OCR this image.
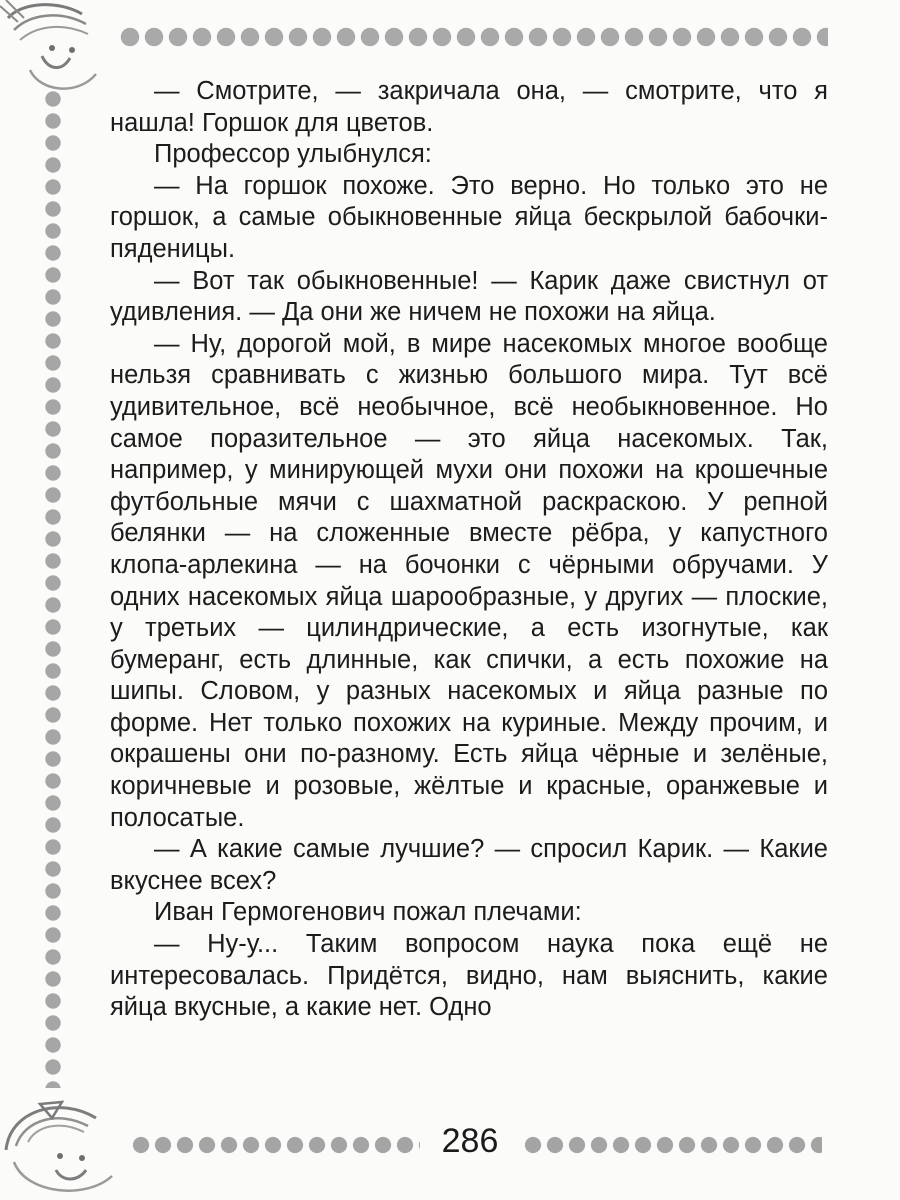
— Смотрите, — закричала она, — смотрите, что я нашла! Горшок для цветов.

Профессор улыбнулся:

— На горшок похоже. Это верно. Но только это не горшок, а самые обыкновенные яйца бескрылой бабочки-пяденицы.

— Вот так обыкновенные! — Карик даже свистнул от удивления. — Да они же ничем не похожи на яйца.

— Ну, дорогой мой, в мире насекомых многое вообще нельзя сравнивать с жизнью большого мира. Тут всё удивительное, всё необычное, всё необыкновенное. Но самое поразительное — это яйца насекомых. Так, например, у минирующей мухи они похожи на крошечные футбольные мячи с шахматной раскраскою. У репной белянки — на сложенные вместе рёбра, у капустного клопа-арлекина — на бочонки с чёрными обручами. У одних насекомых яйца шарообразные, у других — плоские, у третьих — цилиндрические, а есть изогнутые, как бумеранг, есть длинные, как спички, а есть похожие на шипы. Словом, у разных насекомых и яйца разные по форме. Нет только похожих на куриные. Между прочим, и окрашены они по-разному. Есть яйца чёрные и зелёные, коричневые и розовые, жёлтые и красные, оранжевые и полосатые.

— А какие самые лучшие? — спросил Карик. — Какие вкуснее всех?

Иван Гермогенович пожал плечами:

— Ну-у... Таким вопросом наука пока ещё не интересовалась. Придётся, видно, нам выяснить, какие яйца вкусные, а какие нет. Одно

286
